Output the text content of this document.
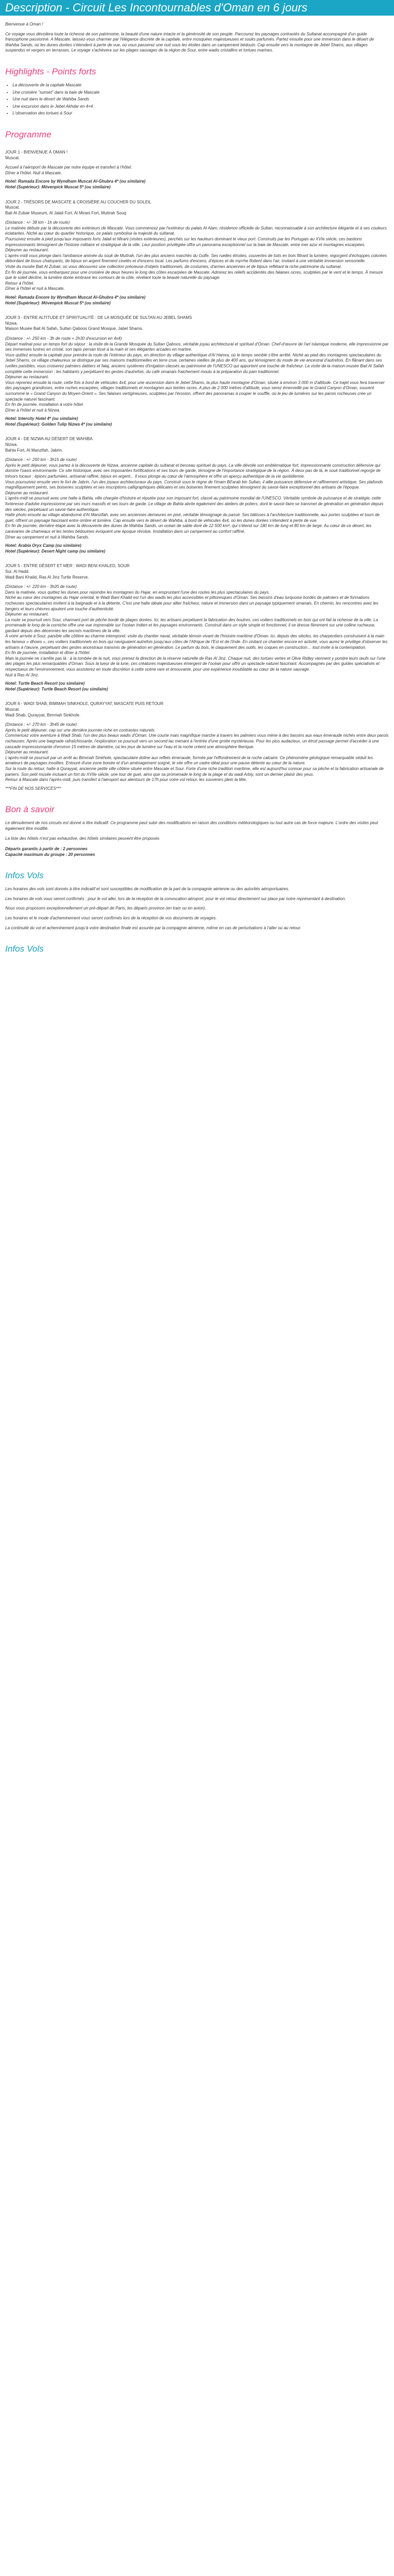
Description - Circuit Les Incontournables d'Oman en 6 jours

Bienvenue à Oman !

Ce voyage vous dévoilera toute la richesse de son patrimoine, la beauté d'une nature intacte et la générosité de son peuple. Parcourez les paysages contrastés du Sultanat accompagné d'un guide francophone passionné. A Mascate, laissez-vous charmer par l'élégance discrète de la capitale, entre mosquées majestueuses et souks parfumés. Partez ensuite pour une immersion dans le désert de Wahiba Sands, où les dunes dorées s'étendent à perte de vue, où vous passerez une nuit sous les étoiles dans un campement bédouin. Cap ensuite vers la montagne de Jebel Shams, aux villages suspendus et vergers en terrasses. Le voyage s'achèvera sur les plages sauvages de la région de Sour, entre wadis cristallins et tortues marines.

Highlights - Points forts
• La découverte de la capitale Mascate
• Une croisière "sunset" dans la baie de Mascate
• Une nuit dans le désert de Wahiba Sands
• Une excursion dans le Jebel Akhdar en 4×4
• L'observation des tortues à Sour
Programme
JOUR 1 - BIENVENUE À OMAN !
Muscat.

Accueil à l'aéroport de Mascate par notre équipe et transfert à l'hôtel.

Dîner à l'hôtel. Nuit à Mascate.

Hotel: Ramada Encore by Wyndham Muscat Al-Ghubra 4* (ou similaire)
Hotel (Supérieur): Mövenpick Muscat 5* (ou similaire)
JOUR 2 - TRÉSORS DE MASCATE & CROISIÈRE AU COUCHER DU SOLEIL
Muscat.
Bait Al Zubair Museum, Al Jalali Fort, Al Mirani Fort, Muttrah Souq

(Distance : +/- 38 km - 1h de route)

Le matinée débute par la découverte des extérieurs de Mascate. Vous commencez par l'extérieur du palais Al Alam, résidence officielle du Sultan, reconnaissable à son architecture élégante et à ses couleurs éclatantes. Niché au cœur du quartier historique, ce palais symbolise la majesté du sultanat.

Poursuivez ensuite à pied jusqu'aux imposants forts Jalali et Mirani (visites extérieures), perchés sur les hauteurs dominant le vieux port. Construits par les Portugais au XVIe siècle, ces bastions impressionnants témoignent de l'histoire militaire et stratégique de la ville. Leur position privilégiée offre un panorama exceptionnel sur la baie de Mascate, entre mer azur et montagnes escarpées.

Déjeuner au restaurant.

L'après-midi vous plonge dans l'ambiance animée du souk de Muttrah, l'un des plus anciens marchés du Golfe. Ses ruelles étroites, couvertes de toits en bois filtrant la lumière, regorgent d'échoppes colorées débordant de tissus chatoyants, de bijoux en argent finement ciselés et d'encens local. Les parfums d'encens, d'épices et de myrrhe flottent dans l'air, invitant à une véritable immersion sensorielle.

Visite du musée Bait Al Zubair, où vous découvrez une collection précieuse d'objets traditionnels, de costumes, d'armes anciennes et de bijoux reflétant la riche patrimoine du sultanat.

En fin de journée, vous embarquez pour une croisière de deux heures le long des côtes escarpées de Mascate. Admirez les reliefs accidentés des falaises ocres, sculptées par le vent et le temps. À mesure que le soleil décline, la lumière dorée embrase les contours de la côte, révélant toute la beauté naturelle du paysage.

Retour à l'hôtel.

Dîner à l'hôtel et nuit à Mascate.

Hotel: Ramada Encore by Wyndham Muscat Al-Ghubra 4* (ou similaire)
Hotel (Supérieur): Mövenpick Muscat 5* (ou similaire)
JOUR 3 - ENTRE ALTITUDE ET SPIRITUALITÉ : DE LA MOSQUÉE DE SULTAN AU JEBEL SHAMS
Nizwa.
Maison Musée Bait Al Safah, Sultan Qaboos Grand Mosque, Jabel Shams.

(Distance : +/- 250 km - 3h de route + 2h30 d'excursion en 4x4)

Départ matinal pour un temps fort du séjour : la visite de la Grande Mosquée du Sultan Qaboos, véritable joyau architectural et spirituel d'Oman. Chef-d'œuvre de l'art islamique moderne, elle impressionne par ses immenses lustres en cristal, son tapis persan tissé à la main et ses élégantes arcades en marbre.

Vous quittez ensuite la capitale pour prendre la route de l'intérieur du pays, en direction du village authentique d'Al Hamra, où le temps semble s'être arrêté. Niché au pied des montagnes spectaculaires du Jebel Shams, ce village chaleureux se distingue par ses maisons traditionnelles en terre crue, certaines vieilles de plus de 400 ans, qui témoignent du mode de vie ancestral d'autrefois. En flânant dans ses ruelles paisibles, vous croiserez palmiers dattiers et falaj, anciens systèmes d'irrigation classés au patrimoine de l'UNESCO qui apportent une touche de fraîcheur. La visite de la maison-musée Bait Al Safah complète cette immersion : les habitants y perpétuent les gestes d'autrefois, du café omanais fraichement moulu à la préparation du pain traditionnel.

Déjeuner au restaurant.

Vous reprenez ensuite la route, cette fois à bord de véhicules 4x4, pour une ascension dans le Jebel Shams, la plus haute montagne d'Oman, située à environ 3 000 m d'altitude. Ce trajet vous fera traverser des paysages grandioses, entre roches escarpées, villages traditionnels et montagnes aux teintes ocres. A plus de 2 000 mètres d'altitude, vous serez émerveillé par le Grand Canyon d'Oman, souvent surnommé le « Grand Canyon du Moyen-Orient ». Ses falaises vertigineuses, sculptées par l'érosion, offrent des panoramas à couper le souffle, où le jeu de lumières sur les parois rocheuses crée un spectacle naturel fascinant.

En fin de journée, installation à votre hôtel.

Dîner à l'hôtel et nuit à Nizwa.

Hotel: Intercity Hotel 4* (ou similaire)
Hotel (Supérieur): Golden Tulip Nizwa 4* (ou similaire)
JOUR 4 - DE NIZWA AU DÉSERT DE WAHIBA
Nizwa.
Bahla Fort, Al Manzifah, Jabrin.

(Distance : +/- 250 km - 3h15 de route)

Après le petit déjeuner, vous partez à la découverte de Nizwa, ancienne capitale du sultanat et berceau spirituel du pays. La ville dévoile son emblématique fort, impressionnante construction défensive qui domine l'oasis environnante. Ce site historique, avec ses imposantes fortifications et ses tours de garde, témoigne de l'importance stratégique de la région. À deux pas de là, le souk traditionnel regorge de trésors locaux : épices parfumées, artisanat raffiné, bijoux en argent... Il vous plonge au cœur de l'atmosphère et offre un aperçu authentique de la vie quotidienne.

Vous poursuivez ensuite vers le fort de Jabrin, l'un des joyaux architecturaux du pays. Construit sous le règne de l'imam Bil'arab bin Sultan, il allie puissance défensive et raffinement artistique. Ses plafonds magnifiquement peints, ses boiseries sculptées et ses inscriptions calligraphiques délicates et ses boiseries finement sculptées témoignent du savoir-faire exceptionnel des artisans de l'époque.

Déjeuner au restaurant.

L'après-midi se poursuit avec une halte à Bahla, ville chargée d'histoire et réputée pour son imposant fort, classé au patrimoine mondial de l'UNESCO. Véritable symbole de puissance et de stratégie, cette forteresse d'adobe impressionne par ses murs massifs et ses tours de garde. Le village de Bahla abrite également des ateliers de potiers, dont le savoir-faire se transmet de génération en génération depuis des siècles, perpétuant un savoir-faire authentique.

Halte photo ensuite au village abandonné d'Al Manzifah, avec ses anciennes demeures en pisé, véritable témoignage du passé. Ses bâtisses à l'architecture traditionnelle, aux portes sculptées et tours de guet, offrent un paysage fascinant entre ombre et lumière. Cap ensuite vers le désert de Wahiba, à bord de véhicules 4x4, où les dunes dorées s'étendent à perte de vue.

En fin de journée, dernière étape avec la découverte des dunes de Wahiba Sands, un océan de sable doré de 12 500 km², qui s'étend sur 180 km de long et 80 km de large. Au cœur de ce désert, les caravanes de chameaux et les tentes bédouines évoquent une époque révolue. Installation dans un campement au confort raffiné.

Dîner au campement et nuit à Wahiba Sands.

Hotel: Arabia Oryx Camp (ou similaire)
Hotel (Supérieur): Desert Night camp (ou similaire)
JOUR 5 - ENTRE DÉSERT ET MER : WADI BENI KHALED, SOUR
Sur, Al Hadd.
Wadi Bani Khalid, Ras Al Jinz Turtle Reserve.

(Distance : +/- 220 km - 3h20 de route)

Dans la matinée, vous quittez les dunes pour rejoindre les montagnes du Hajar, en empruntant l'une des routes les plus spectaculaires du pays.

Niché au cœur des montagnes du Hajar oriental, le Wadi Bani Khalid est l'un des wadis les plus accessibles et pittoresques d'Oman. Ses bassins d'eau turquoise bordés de palmiers et de formations rocheuses spectaculaires invitent à la baignade et à la détente. C'est une halte idéale pour allier fraîcheur, nature et immersion dans un paysage typiquement omanais. En chemin, les rencontres avec les bergers et leurs chèvres ajoutent une touche d'authenticité.

Déjeuner au restaurant.

La route se poursuit vers Sour, charmant port de pêche bordé de plages dorées. Ici, les artisans perpétuent la fabrication des boutres, ces voiliers traditionnels en bois qui ont fait la richesse de la ville. La promenade le long de la corniche offre une vue imprenable sur l'océan Indien et les paysages environnants. Construit dans un style simple et fonctionnel, il se dresse fièrement sur une colline rocheuse, gardant depuis des décennies les secrets maritimes de la ville.

À votre arrivée à Sour, paisible ville côtière au charme intemporel, visite du chantier naval, véritable témoin vivant de l'histoire maritime d'Oman. Ici, depuis des siècles, les charpentiers construisent à la main les fameux « dhows », ces voiliers traditionnels en bois qui naviguaient autrefois jusqu'aux côtes de l'Afrique de l'Est et de l'Inde. En visitant ce chantier encore en activité, vous aurez le privilège d'observer les artisans à l'œuvre, perpétuant des gestes ancestraux transmis de génération en génération. Le parfum du bois, le claquement des outils, les coques en construction… tout invite à la contemplation.

En fin de journée, installation et dîner à l'hôtel.

Mais la journée ne s'arrête pas là : à la tombée de la nuit, vous prenez la direction de la réserve naturelle de Ras Al Jinz. Chaque nuit, des tortues vertes et Olive Ridley viennent y pondre leurs œufs sur l'une des plages les plus remarquables d'Oman. Sous la lueur de la lune, ces créatures majestueuses émergent de l'océan pour offrir un spectacle naturel fascinant. Accompagnés par des guides spécialisés et respectueux de l'environnement, vous assisterez en toute discrétion à cette scène rare et émouvante, pour une expérience inoubliable au cœur de la nature sauvage.

Nuit à Ras Al Jinz.

Hotel: Turtle Beach Resort (ou similaire)
Hotel (Supérieur): Turtle Beach Resort (ou similaire)
JOUR 6 - WADI SHAB, BIMMAH SINKHOLE, QURAYYAT, MASCATE PUIS RETOUR
Muscat.
Wadi Shab, Qurayyat, Bimmah Sinkhole.

(Distance : +/- 270 km - 3h45 de route)

Après le petit déjeuner, cap sur une dernière journée riche en contrastes naturels.

Commencez votre aventure à Wadi Shab, l'un des plus beaux wadis d'Oman. Une courte mais magnifique marche à travers les palmiers vous mène à des bassins aux eaux émeraude nichés entre deux parois rocheuses. Après une baignade rafraîchissante, l'exploration se poursuit vers un second lac menant à l'entrée d'une grotte mystérieuse. Pour les plus audacieux, un étroit passage permet d'accéder à une cascade impressionnante d'environ 15 mètres de diamètre, où les jeux de lumière sur l'eau et la roche créent une atmosphère féerique.

Déjeuner au restaurant.

L'après-midi se poursuit par un arrêt au Bimmah Sinkhole, spectaculaire doline aux reflets émeraude, formée par l'effondrement de la roche calcaire. Ce phénomène géologique remarquable séduit les amateurs de paysages insolites. Entouré d'une zone boisée et d'un aménagement soigné, le site offre un cadre idéal pour une pause détente au cœur de la nature.

Sur la route du retour, halte à Qurayyat, ancienne petite ville côtière située entre Mascate et Sour. Forte d'une riche tradition maritime, elle est aujourd'hui connue pour sa pêche et la fabrication artisanale de paniers. Son petit musée incluant un fort du XVIIe siècle, une tour de guet, ainsi que sa promenade le long de la plage et du wadi Arbiy, sont un dernier plaisir des yeux.

Retour à Mascate dans l'après-midi, puis transfert à l'aéroport aux alentours de 17h pour votre vol retour, les souvenirs plein la tête.

***FIN DE NOS SERVICES***

Bon à savoir

Le déroulement de nos circuits est donné à titre indicatif. Ce programme peut subir des modifications en raison des conditions météorologiques ou tout autre cas de force majeure. L'ordre des visites peut également être modifié.

La liste des hôtels n'est pas exhaustive, des hôtels similaires peuvent être proposés

Départs garantis à partir de : 2 personnes
Capacité maximum du groupe : 20 personnes
Infos Vols

Les horaires des vols sont donnés à titre indicatif et sont susceptibles de modification de la part de la compagnie aérienne ou des autorités aéroportuaires.

Les horaires de vols vous seront confirmés : pour le vol aller, lors de la réception de la convocation aéroport, pour le vol retour directement sur place par notre représentant à destination.

Nous vous proposons exceptionnellement un pré-départ de Paris, les départs province (en train ou en avion).

Les horaires et le mode d'acheminement vous seront confirmés lors de la réception de vos documents de voyages.

La continuité du vol et acheminement jusqu'à votre destination finale est assurée par la compagnie aérienne, même en cas de perturbations à l'aller ou au retour.

Infos Vols
